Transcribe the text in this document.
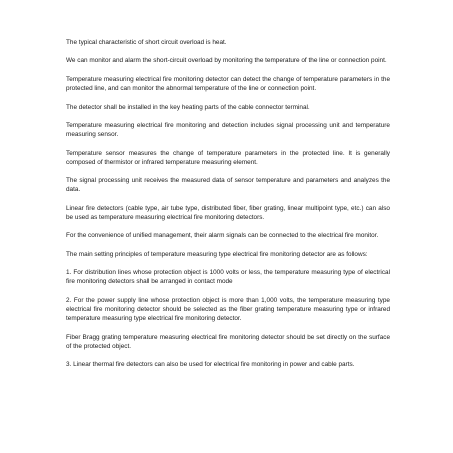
The typical characteristic of short circuit overload is heat.

We can monitor and alarm the short-circuit overload by monitoring the temperature of the line or connection point.

Temperature measuring electrical fire monitoring detector can detect the change of temperature parameters in the protected line, and can monitor the abnormal temperature of the line or connection point.

The detector shall be installed in the key heating parts of the cable connector terminal.

Temperature measuring electrical fire monitoring and detection includes signal processing unit and temperature measuring sensor.

Temperature sensor measures the change of temperature parameters in the protected line. It is generally composed of thermistor or infrared temperature measuring element.

The signal processing unit receives the measured data of sensor temperature and parameters and analyzes the data.

Linear fire detectors (cable type, air tube type, distributed fiber, fiber grating, linear multipoint type, etc.) can also be used as temperature measuring electrical fire monitoring detectors.

For the convenience of unified management, their alarm signals can be connected to the electrical fire monitor.

The main setting principles of temperature measuring type electrical fire monitoring detector are as follows:

1. For distribution lines whose protection object is 1000 volts or less, the temperature measuring type of electrical fire monitoring detectors shall be arranged in contact mode

2. For the power supply line whose protection object is more than 1,000 volts, the temperature measuring type electrical fire monitoring detector should be selected as the fiber grating temperature measuring type or infrared temperature measuring type electrical fire monitoring detector.

Fiber Bragg grating temperature measuring electrical fire monitoring detector should be set directly on the surface of the protected object.

3. Linear thermal fire detectors can also be used for electrical fire monitoring in power and cable parts.
